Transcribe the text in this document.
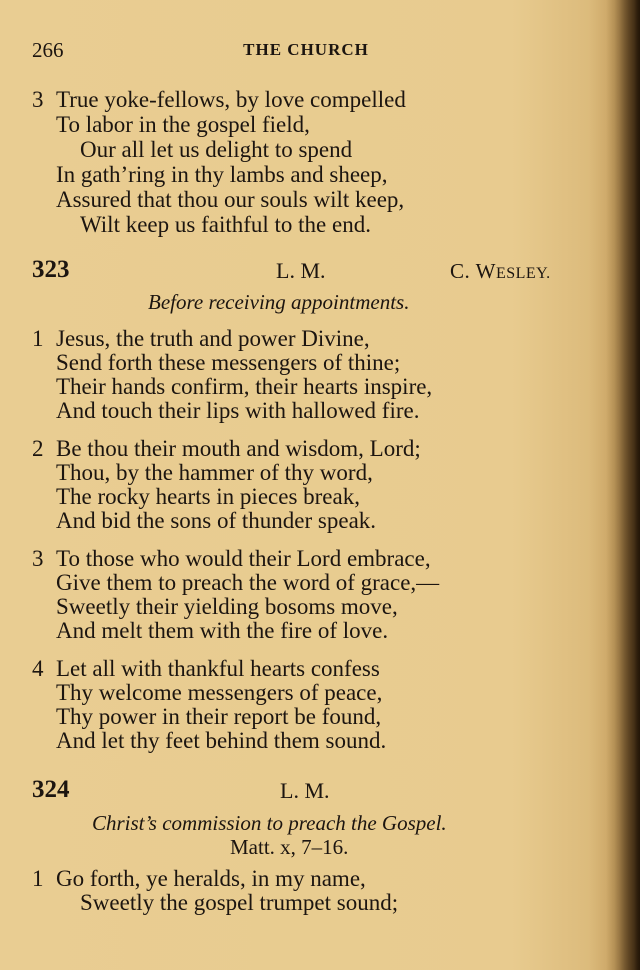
266	THE CHURCH
3 True yoke-fellows, by love compelled
To labor in the gospel field,
Our all let us delight to spend
In gath’ring in thy lambs and sheep,
Assured that thou our souls wilt keep,
Wilt keep us faithful to the end.
323	L. M.	C. WESLEY.
Before receiving appointments.
1 Jesus, the truth and power Divine,
Send forth these messengers of thine;
Their hands confirm, their hearts inspire,
And touch their lips with hallowed fire.
2 Be thou their mouth and wisdom, Lord;
Thou, by the hammer of thy word,
The rocky hearts in pieces break,
And bid the sons of thunder speak.
3 To those who would their Lord embrace,
Give them to preach the word of grace,—
Sweetly their yielding bosoms move,
And melt them with the fire of love.
4 Let all with thankful hearts confess
Thy welcome messengers of peace,
Thy power in their report be found,
And let thy feet behind them sound.
324	L. M.
Christ’s commission to preach the Gospel.
Matt. x, 7–16.
1 Go forth, ye heralds, in my name,
Sweetly the gospel trumpet sound;
